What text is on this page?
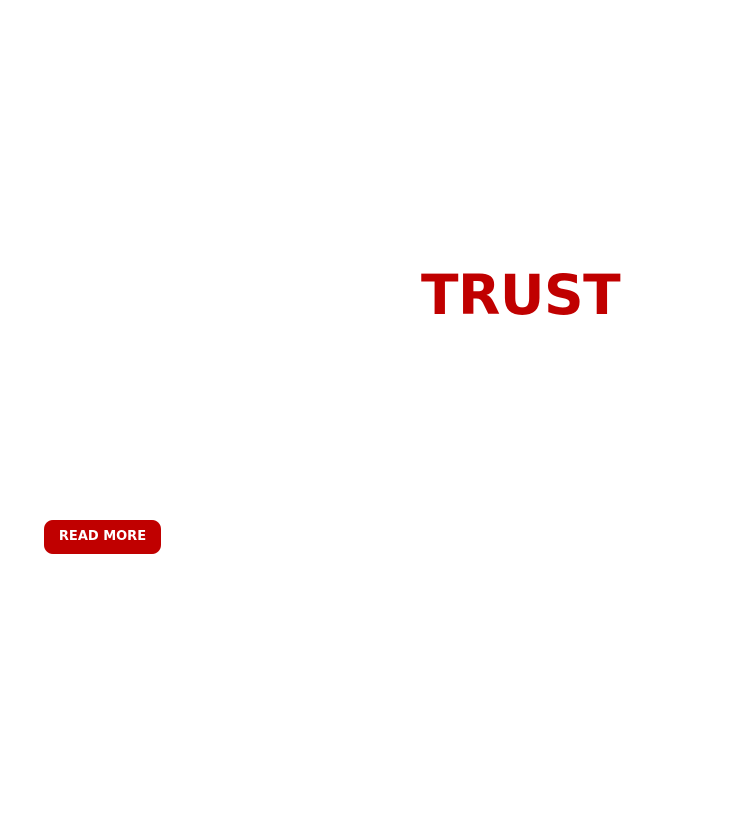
TRUST
READ MORE
